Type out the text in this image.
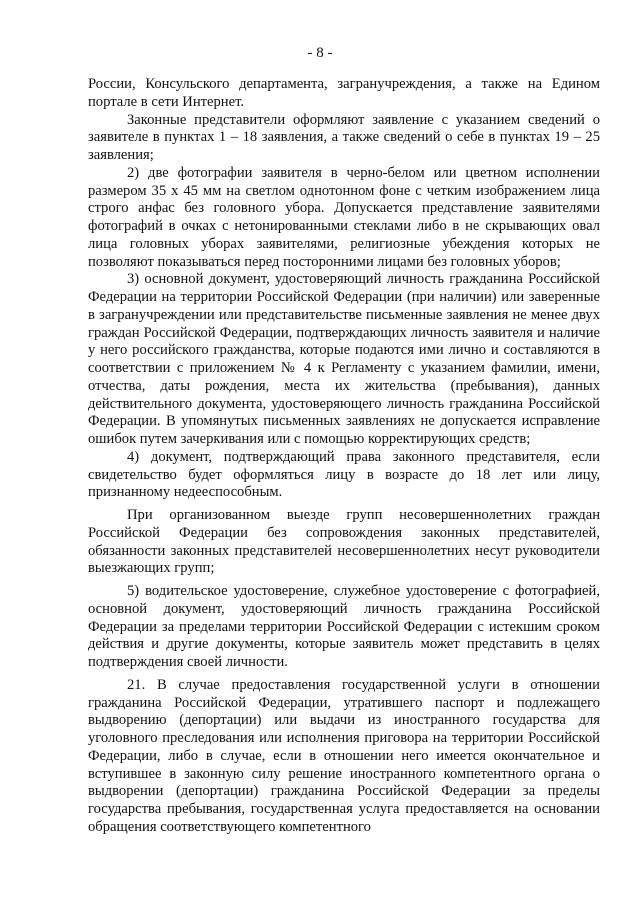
- 8 -

России, Консульского департамента, загранучреждения, а также на Едином портале в сети Интернет.

Законные представители оформляют заявление с указанием сведений о заявителе в пунктах 1 – 18 заявления, а также сведений о себе в пунктах 19 – 25 заявления;

2) две фотографии заявителя в черно-белом или цветном исполнении размером 35 х 45 мм на светлом однотонном фоне с четким изображением лица строго анфас без головного убора. Допускается представление заявителями фотографий в очках с нетонированными стеклами либо в не скрывающих овал лица головных уборах заявителями, религиозные убеждения которых не позволяют показываться перед посторонними лицами без головных уборов;

3) основной документ, удостоверяющий личность гражданина Российской Федерации на территории Российской Федерации (при наличии) или заверенные в загранучреждении или представительстве письменные заявления не менее двух граждан Российской Федерации, подтверждающих личность заявителя и наличие у него российского гражданства, которые подаются ими лично и составляются в соответствии с приложением № 4 к Регламенту с указанием фамилии, имени, отчества, даты рождения, места их жительства (пребывания), данных действительного документа, удостоверяющего личность гражданина Российской Федерации. В упомянутых письменных заявлениях не допускается исправление ошибок путем зачеркивания или с помощью корректирующих средств;

4) документ, подтверждающий права законного представителя, если свидетельство будет оформляться лицу в возрасте до 18 лет или лицу, признанному недееспособным.

При организованном выезде групп несовершеннолетних граждан Российской Федерации без сопровождения законных представителей, обязанности законных представителей несовершеннолетних несут руководители выезжающих групп;

5) водительское удостоверение, служебное удостоверение с фотографией, основной документ, удостоверяющий личность гражданина Российской Федерации за пределами территории Российской Федерации с истекшим сроком действия и другие документы, которые заявитель может представить в целях подтверждения своей личности.

21. В случае предоставления государственной услуги в отношении гражданина Российской Федерации, утратившего паспорт и подлежащего выдворению (депортации) или выдачи из иностранного государства для уголовного преследования или исполнения приговора на территории Российской Федерации, либо в случае, если в отношении него имеется окончательное и вступившее в законную силу решение иностранного компетентного органа о выдворении (депортации) гражданина Российской Федерации за пределы государства пребывания, государственная услуга предоставляется на основании обращения соответствующего компетентного
